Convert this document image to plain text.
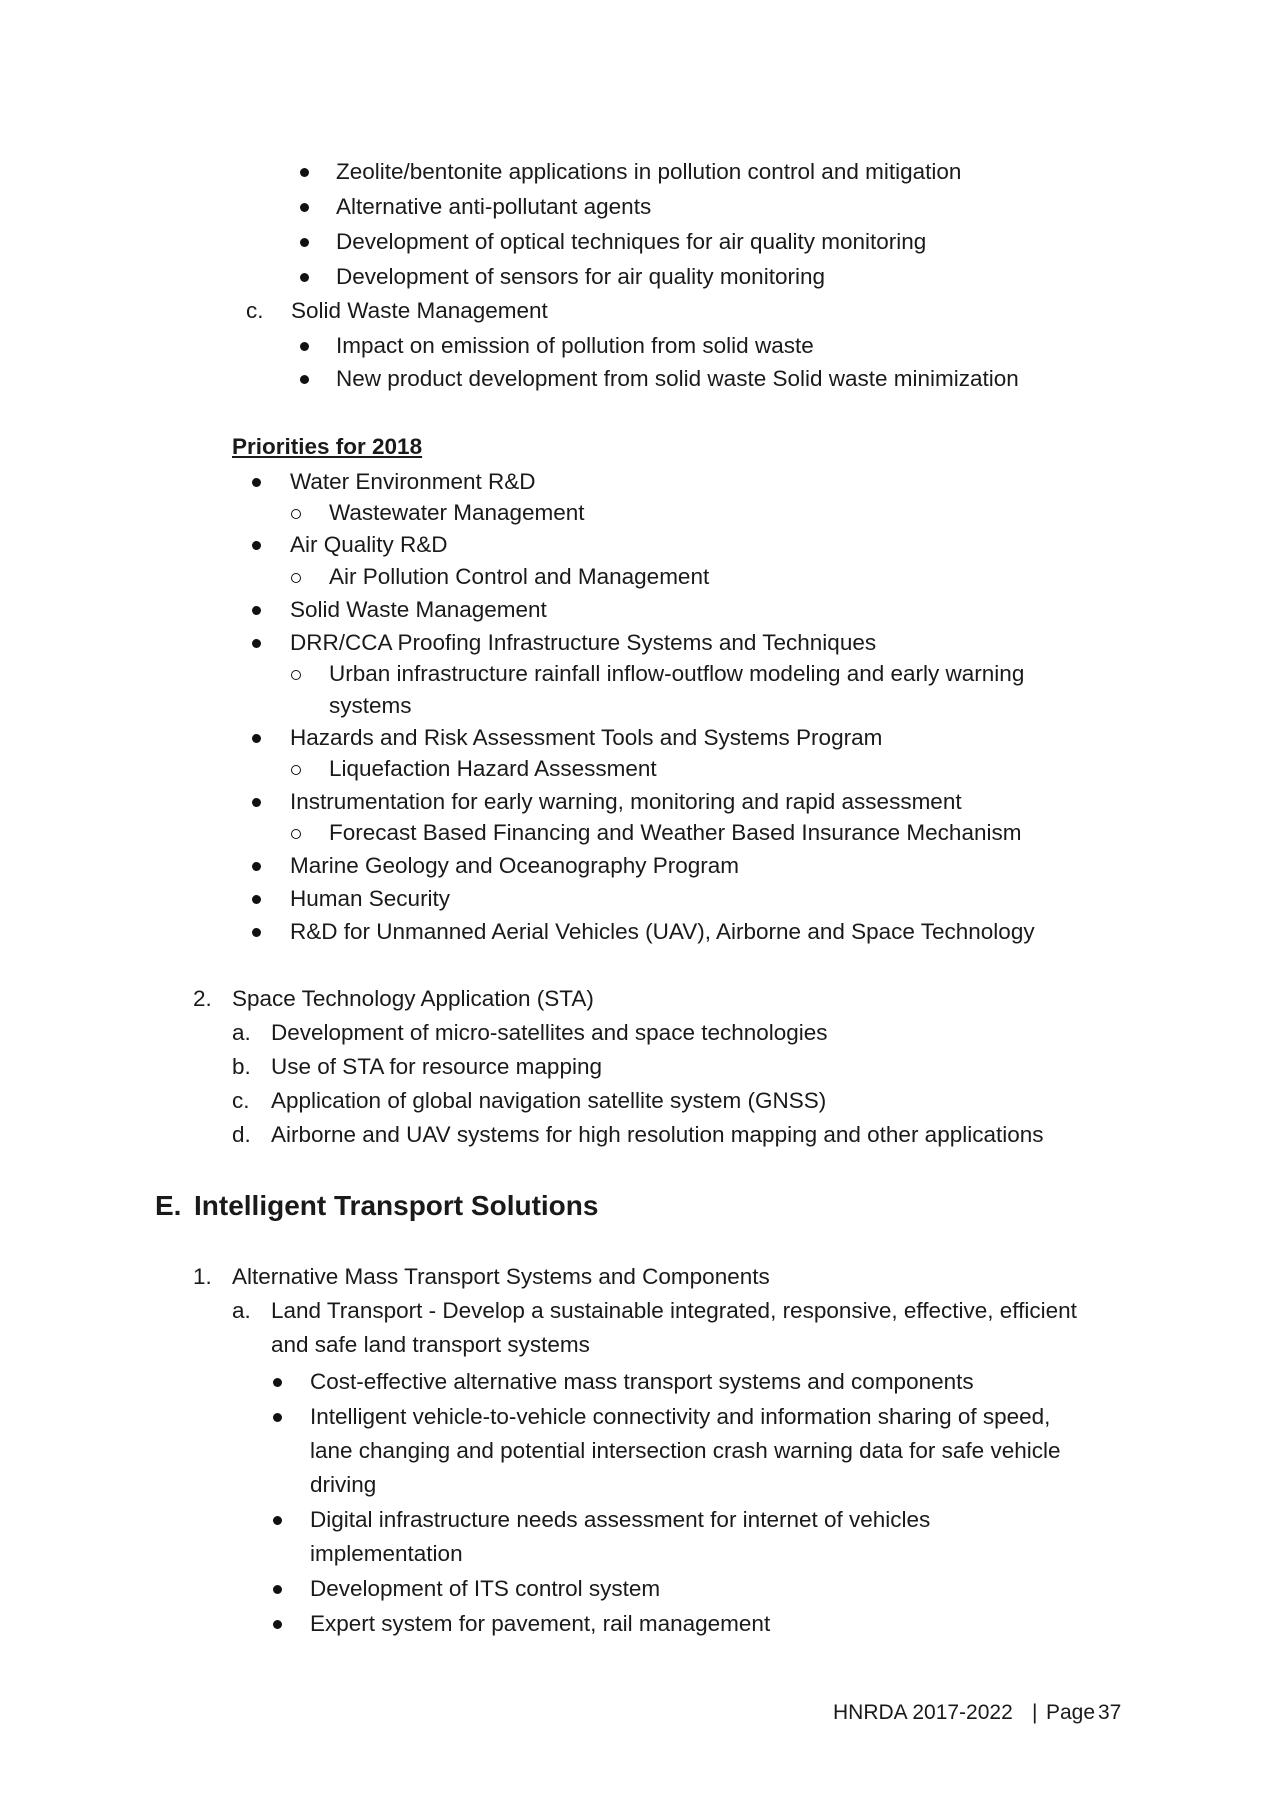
Zeolite/bentonite applications in pollution control and mitigation
Alternative anti-pollutant agents
Development of optical techniques for air quality monitoring
Development of sensors for air quality monitoring
c. Solid Waste Management
Impact on emission of pollution from solid waste
New product development from solid waste Solid waste minimization
Priorities for 2018
Water Environment R&D
Wastewater Management
Air Quality R&D
Air Pollution Control and Management
Solid Waste Management
DRR/CCA Proofing Infrastructure Systems and Techniques
Urban infrastructure rainfall inflow-outflow modeling and early warning
systems
Hazards and Risk Assessment Tools and Systems Program
Liquefaction Hazard Assessment
Instrumentation for early warning, monitoring and rapid assessment
Forecast Based Financing and Weather Based Insurance Mechanism
Marine Geology and Oceanography Program
Human Security
R&D for Unmanned Aerial Vehicles (UAV), Airborne and Space Technology
2. Space Technology Application (STA)
a. Development of micro-satellites and space technologies
b. Use of STA for resource mapping
c. Application of global navigation satellite system (GNSS)
d. Airborne and UAV systems for high resolution mapping and other applications
E. Intelligent Transport Solutions
1. Alternative Mass Transport Systems and Components
a. Land Transport - Develop a sustainable integrated, responsive, effective, efficient
and safe land transport systems
Cost-effective alternative mass transport systems and components
Intelligent vehicle-to-vehicle connectivity and information sharing of speed,
lane changing and potential intersection crash warning data for safe vehicle
driving
Digital infrastructure needs assessment for internet of vehicles
implementation
Development of ITS control system
Expert system for pavement, rail management
HNRDA 2017-2022 | Page 37
